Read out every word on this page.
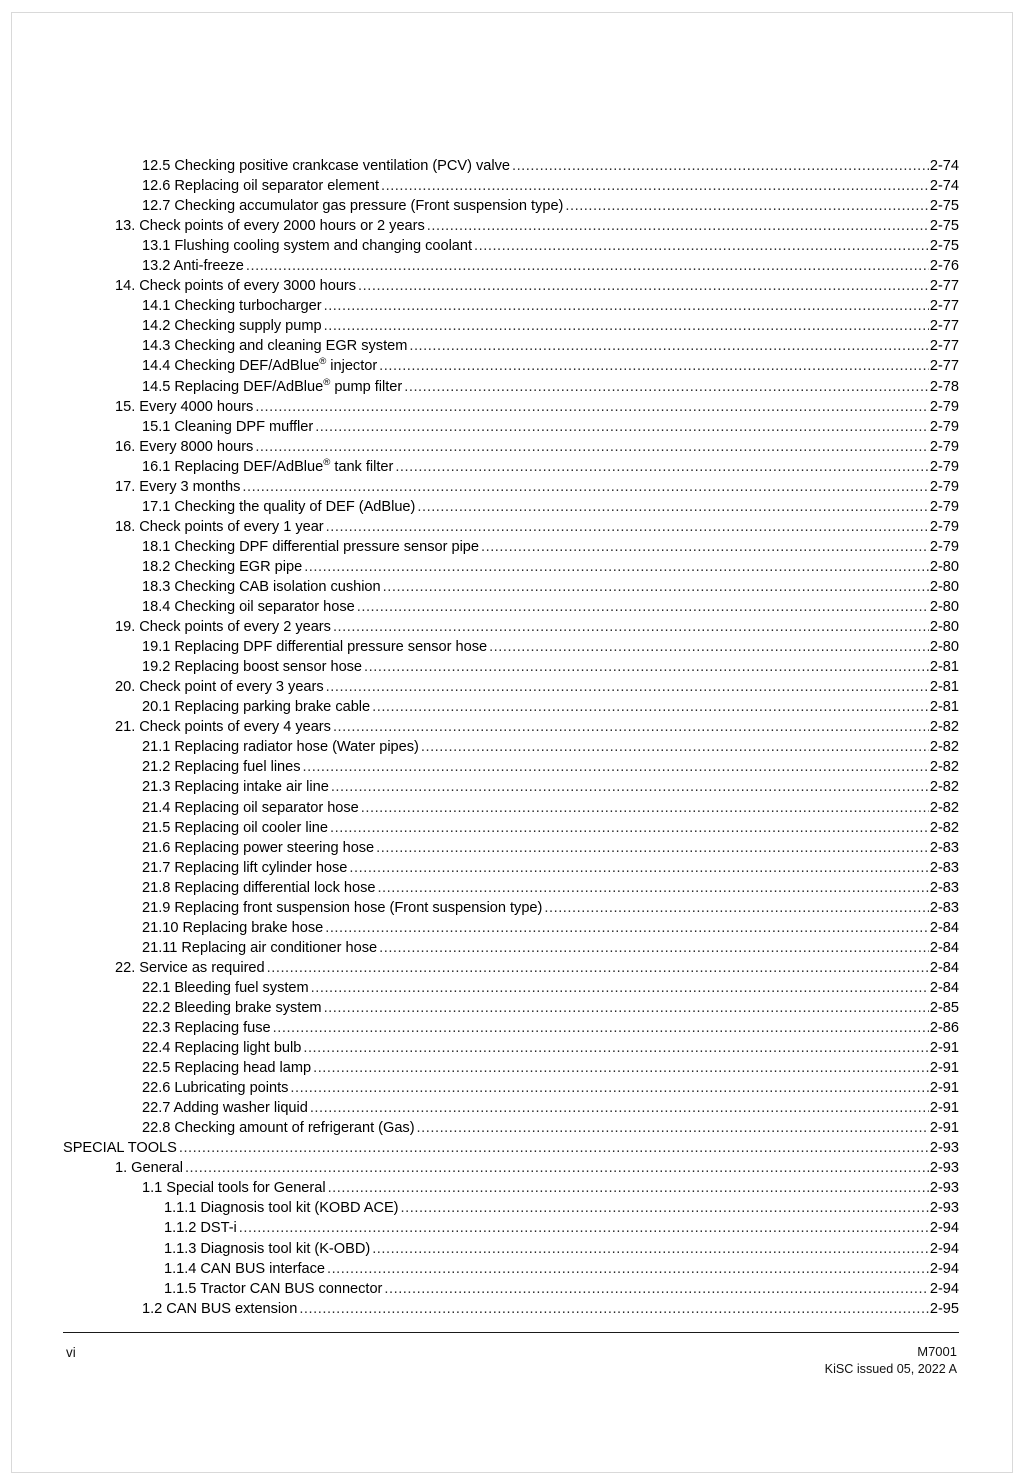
12.5 Checking positive crankcase ventilation (PCV) valve .....	2-74
12.6 Replacing oil separator element .....	2-74
12.7 Checking accumulator gas pressure (Front suspension type) .....	2-75
13. Check points of every 2000 hours or 2 years .....	2-75
13.1 Flushing cooling system and changing coolant .....	2-75
13.2 Anti-freeze .....	2-76
14. Check points of every 3000 hours .....	2-77
14.1 Checking turbocharger .....	2-77
14.2 Checking supply pump .....	2-77
14.3 Checking and cleaning EGR system .....	2-77
14.4 Checking DEF/AdBlue® injector .....	2-77
14.5 Replacing DEF/AdBlue® pump filter .....	2-78
15. Every 4000 hours .....	2-79
15.1 Cleaning DPF muffler .....	2-79
16. Every 8000 hours .....	2-79
16.1 Replacing DEF/AdBlue® tank filter .....	2-79
17. Every 3 months .....	2-79
17.1 Checking the quality of DEF (AdBlue) .....	2-79
18. Check points of every 1 year .....	2-79
18.1 Checking DPF differential pressure sensor pipe .....	2-79
18.2 Checking EGR pipe .....	2-80
18.3 Checking CAB isolation cushion .....	2-80
18.4 Checking oil separator hose .....	2-80
19. Check points of every 2 years .....	2-80
19.1 Replacing DPF differential pressure sensor hose .....	2-80
19.2 Replacing boost sensor hose .....	2-81
20. Check point of every 3 years .....	2-81
20.1 Replacing parking brake cable .....	2-81
21. Check points of every 4 years .....	2-82
21.1 Replacing radiator hose (Water pipes) .....	2-82
21.2 Replacing fuel lines .....	2-82
21.3 Replacing intake air line .....	2-82
21.4 Replacing oil separator hose .....	2-82
21.5 Replacing oil cooler line .....	2-82
21.6 Replacing power steering hose .....	2-83
21.7 Replacing lift cylinder hose .....	2-83
21.8 Replacing differential lock hose .....	2-83
21.9 Replacing front suspension hose (Front suspension type) .....	2-83
21.10 Replacing brake hose .....	2-84
21.11 Replacing air conditioner hose .....	2-84
22. Service as required .....	2-84
22.1 Bleeding fuel system .....	2-84
22.2 Bleeding brake system .....	2-85
22.3 Replacing fuse .....	2-86
22.4 Replacing light bulb .....	2-91
22.5 Replacing head lamp .....	2-91
22.6 Lubricating points .....	2-91
22.7 Adding washer liquid .....	2-91
22.8 Checking amount of refrigerant (Gas) .....	2-91
SPECIAL TOOLS .....	2-93
1. General .....	2-93
1.1 Special tools for General .....	2-93
1.1.1 Diagnosis tool kit (KOBD ACE) .....	2-93
1.1.2 DST-i .....	2-94
1.1.3 Diagnosis tool kit (K-OBD) .....	2-94
1.1.4 CAN BUS interface .....	2-94
1.1.5 Tractor CAN BUS connector .....	2-94
1.2 CAN BUS extension .....	2-95
vi	M7001
KiSC issued 05, 2022 A
